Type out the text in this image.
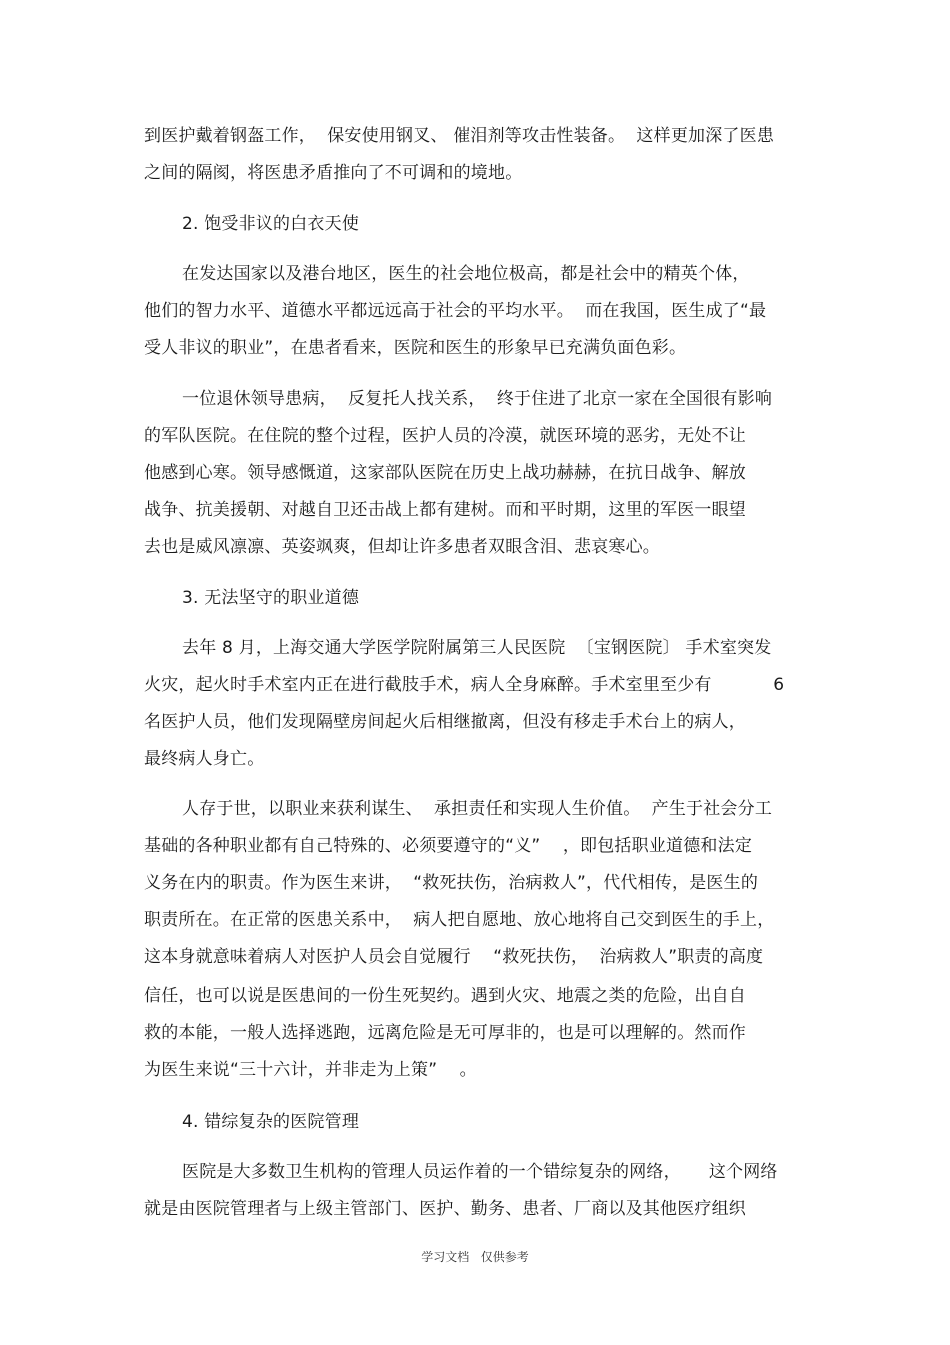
到医护戴着钢盔工作，  保安使用钢叉、 催泪剂等攻击性装备。  这样更加深了医患
之间的隔阂，将医患矛盾推向了不可调和的境地。
2. 饱受非议的白衣天使
在发达国家以及港台地区，医生的社会地位极高，都是社会中的精英个体，
他们的智力水平、道德水平都远远高于社会的平均水平。  而在我国，医生成了“最
受人非议的职业”，在患者看来，医院和医生的形象早已充满负面色彩。
一位退休领导患病，  反复托人找关系，  终于住进了北京一家在全国很有影响
的军队医院。在住院的整个过程，医护人员的冷漠，就医环境的恶劣，无处不让
他感到心寒。领导感慨道，这家部队医院在历史上战功赫赫，在抗日战争、解放
战争、抗美援朝、对越自卫还击战上都有建树。而和平时期，这里的军医一眼望
去也是威风凛凛、英姿飒爽，但却让许多患者双眼含泪、悲哀寒心。
3. 无法坚守的职业道德
去年 8 月，上海交通大学医学院附属第三人民医院  〔宝钢医院〕 手术室突发
火灾，起火时手术室内正在进行截肢手术，病人全身麻醉。手术室里至少有           6
名医护人员，他们发现隔壁房间起火后相继撤离，但没有移走手术台上的病人，
最终病人身亡。
人存于世，以职业来获利谋生、  承担责任和实现人生价值。  产生于社会分工
基础的各种职业都有自己特殊的、必须要遵守的“义”    ，即包括职业道德和法定
义务在内的职责。作为医生来讲，  “救死扶伤，治病救人”，代代相传，是医生的
职责所在。在正常的医患关系中，  病人把自愿地、放心地将自己交到医生的手上，
这本身就意味着病人对医护人员会自觉履行    “救死扶伤，  治病救人”职责的高度
信任，也可以说是医患间的一份生死契约。遇到火灾、地震之类的危险，出自自
救的本能，一般人选择逃跑，远离危险是无可厚非的，也是可以理解的。然而作
为医生来说“三十六计，并非走为上策”    。
4. 错综复杂的医院管理
医院是大多数卫生机构的管理人员运作着的一个错综复杂的网络，     这个网络
就是由医院管理者与上级主管部门、医护、勤务、患者、厂商以及其他医疗组织
学习文档   仅供参考
